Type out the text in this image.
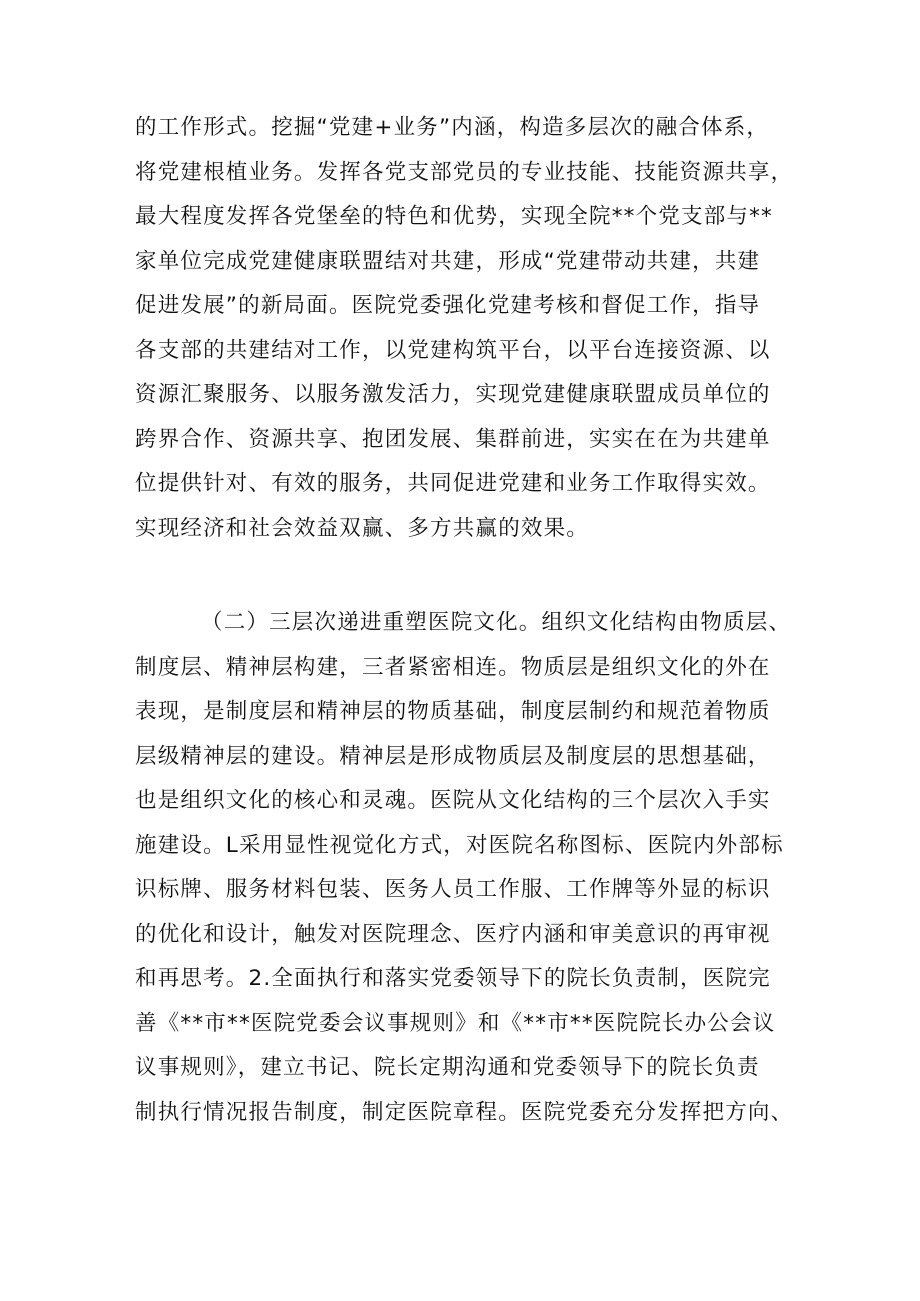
的工作形式。挖掘“党建+业务”内涵，构造多层次的融合体系，
将党建根植业务。发挥各党支部党员的专业技能、技能资源共享，
最大程度发挥各党堡垒的特色和优势，实现全院**个党支部与**
家单位完成党建健康联盟结对共建，形成“党建带动共建，共建
促进发展”的新局面。医院党委强化党建考核和督促工作，指导
各支部的共建结对工作，以党建构筑平台，以平台连接资源、以
资源汇聚服务、以服务激发活力，实现党建健康联盟成员单位的
跨界合作、资源共享、抱团发展、集群前进，实实在在为共建单
位提供针对、有效的服务，共同促进党建和业务工作取得实效。
实现经济和社会效益双赢、多方共赢的效果。
（二）三层次递进重塑医院文化。组织文化结构由物质层、
制度层、精神层构建，三者紧密相连。物质层是组织文化的外在
表现，是制度层和精神层的物质基础，制度层制约和规范着物质
层级精神层的建设。精神层是形成物质层及制度层的思想基础，
也是组织文化的核心和灵魂。医院从文化结构的三个层次入手实
施建设。L采用显性视觉化方式，对医院名称图标、医院内外部标
识标牌、服务材料包装、医务人员工作服、工作牌等外显的标识
的优化和设计，触发对医院理念、医疗内涵和审美意识的再审视
和再思考。2.全面执行和落实党委领导下的院长负责制，医院完
善《**市**医院党委会议事规则》和《**市**医院院长办公会议
议事规则》，建立书记、院长定期沟通和党委领导下的院长负责
制执行情况报告制度，制定医院章程。医院党委充分发挥把方向、
